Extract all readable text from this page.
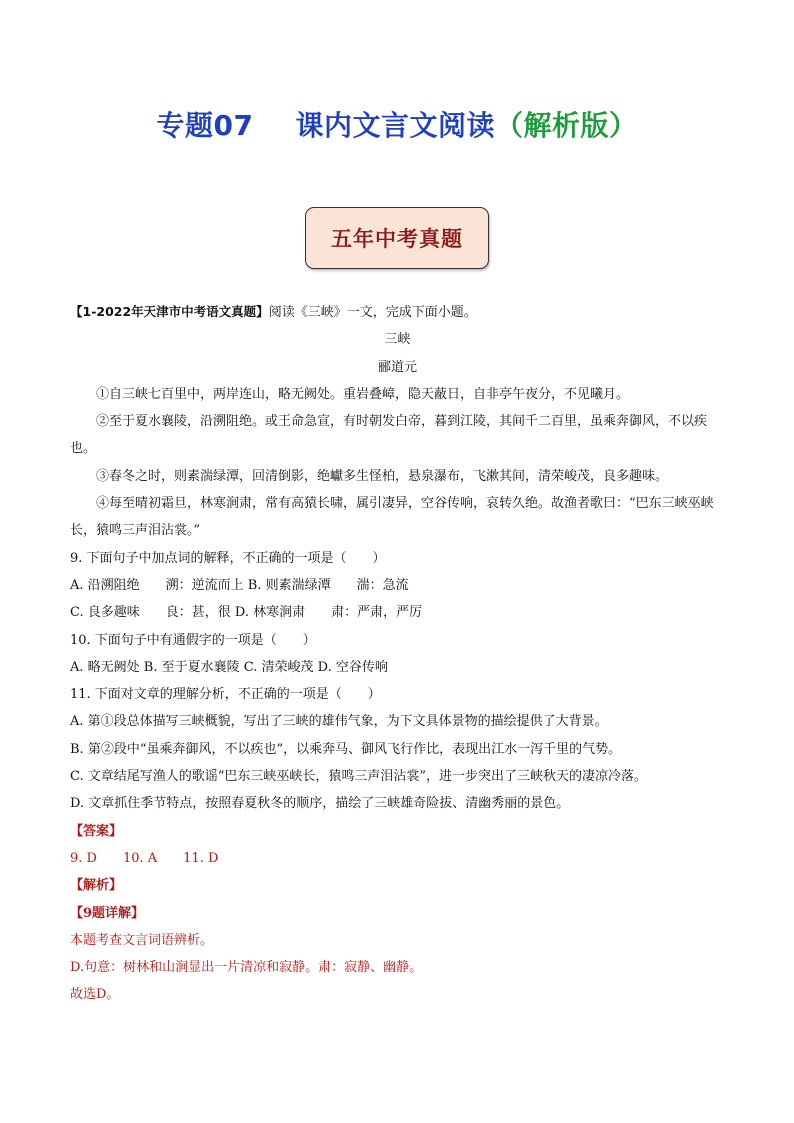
专题07 课内文言文阅读（解析版）
五年中考真题

【1-2022年天津市中考语文真题】阅读《三峡》一文，完成下面小题。

三峡

郦道元

①自三峡七百里中，两岸连山，略无阙处。重岩叠嶂，隐天蔽日，自非亭午夜分，不见曦月。

②至于夏水襄陵，沿溯阻绝。或王命急宣，有时朝发白帝，暮到江陵，其间千二百里，虽乘奔御风，不以疾也。

③春冬之时，则素湍绿潭，回清倒影，绝巘多生怪柏，悬泉瀑布，飞漱其间，清荣峻茂，良多趣味。

④每至晴初霜旦，林寒涧肃，常有高猿长啸，属引凄异，空谷传响，哀转久绝。故渔者歌曰：“巴东三峡巫峡长，猿鸣三声泪沾裳。”

9. 下面句子中加点词的解释，不正确的一项是（　　）

A. 沿溯阻绝　　溯：逆流而上 B. 则素湍绿潭　　湍：急流

C. 良多趣味　　良：甚，很 D. 林寒涧肃　　肃：严肃，严厉

10. 下面句子中有通假字的一项是（　　）

A. 略无阙处 B. 至于夏水襄陵 C. 清荣峻茂 D. 空谷传响

11. 下面对文章的理解分析，不正确的一项是（　　）

A. 第①段总体描写三峡概貌，写出了三峡的雄伟气象，为下文具体景物的描绘提供了大背景。

B. 第②段中“虽乘奔御风，不以疾也”，以乘奔马、御风飞行作比，表现出江水一泻千里的气势。

C. 文章结尾写渔人的歌谣“巴东三峡巫峡长，猿鸣三声泪沾裳”，进一步突出了三峡秋天的凄凉冷落。

D. 文章抓住季节特点，按照春夏秋冬的顺序，描绘了三峡雄奇险拔、清幽秀丽的景色。

【答案】

9. D　　10. A　　11. D

【解析】

【9题详解】

本题考查文言词语辨析。

D.句意：树林和山涧显出一片清凉和寂静。肃：寂静、幽静。

故选D。
